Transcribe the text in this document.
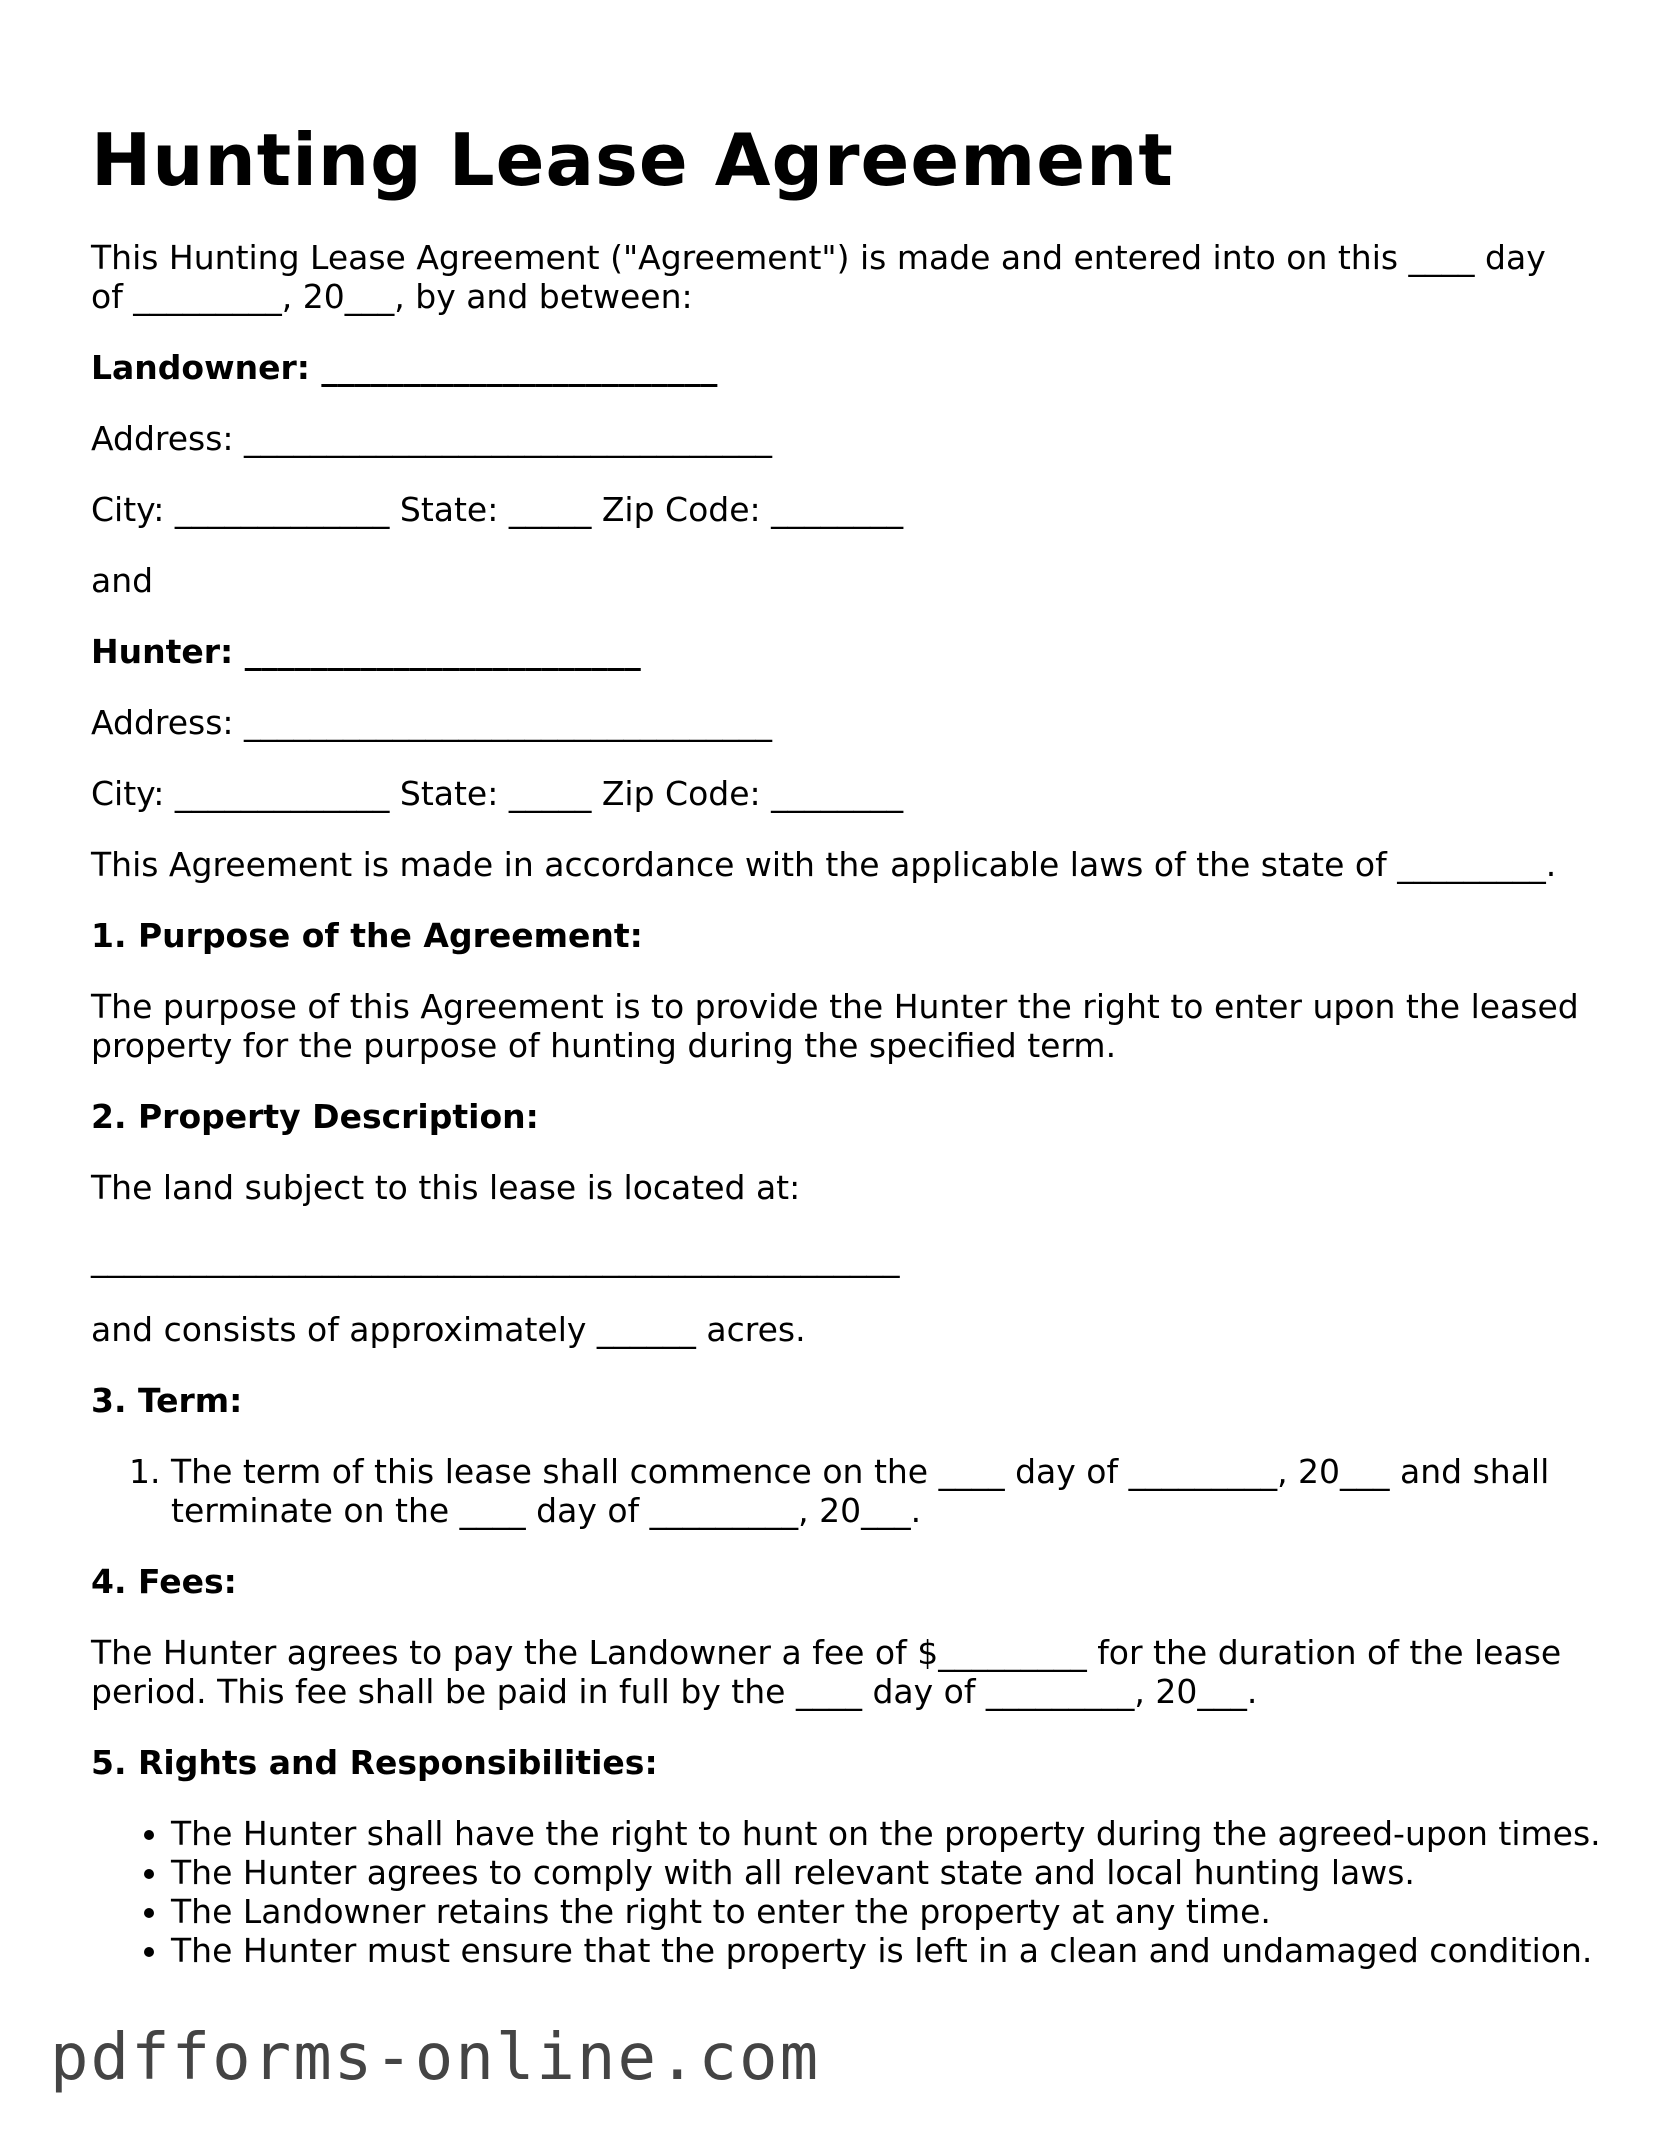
Hunting Lease Agreement

This Hunting Lease Agreement ("Agreement") is made and entered into on this ____ day of _________, 20___, by and between:

Landowner: ________________________

Address: ________________________________

City: _____________ State: _____ Zip Code: ________

and

Hunter: ________________________

Address: ________________________________

City: _____________ State: _____ Zip Code: ________

This Agreement is made in accordance with the applicable laws of the state of _________.

1. Purpose of the Agreement:

The purpose of this Agreement is to provide the Hunter the right to enter upon the leased property for the purpose of hunting during the specified term.

2. Property Description:

The land subject to this lease is located at:

_________________________________________________

and consists of approximately ______ acres.

3. Term:

1. The term of this lease shall commence on the ____ day of _________, 20___ and shall terminate on the ____ day of _________, 20___.

4. Fees:

The Hunter agrees to pay the Landowner a fee of $_________ for the duration of the lease period. This fee shall be paid in full by the ____ day of _________, 20___.

5. Rights and Responsibilities:

• The Hunter shall have the right to hunt on the property during the agreed-upon times.
• The Hunter agrees to comply with all relevant state and local hunting laws.
• The Landowner retains the right to enter the property at any time.
• The Hunter must ensure that the property is left in a clean and undamaged condition.
pdfforms-online.com
